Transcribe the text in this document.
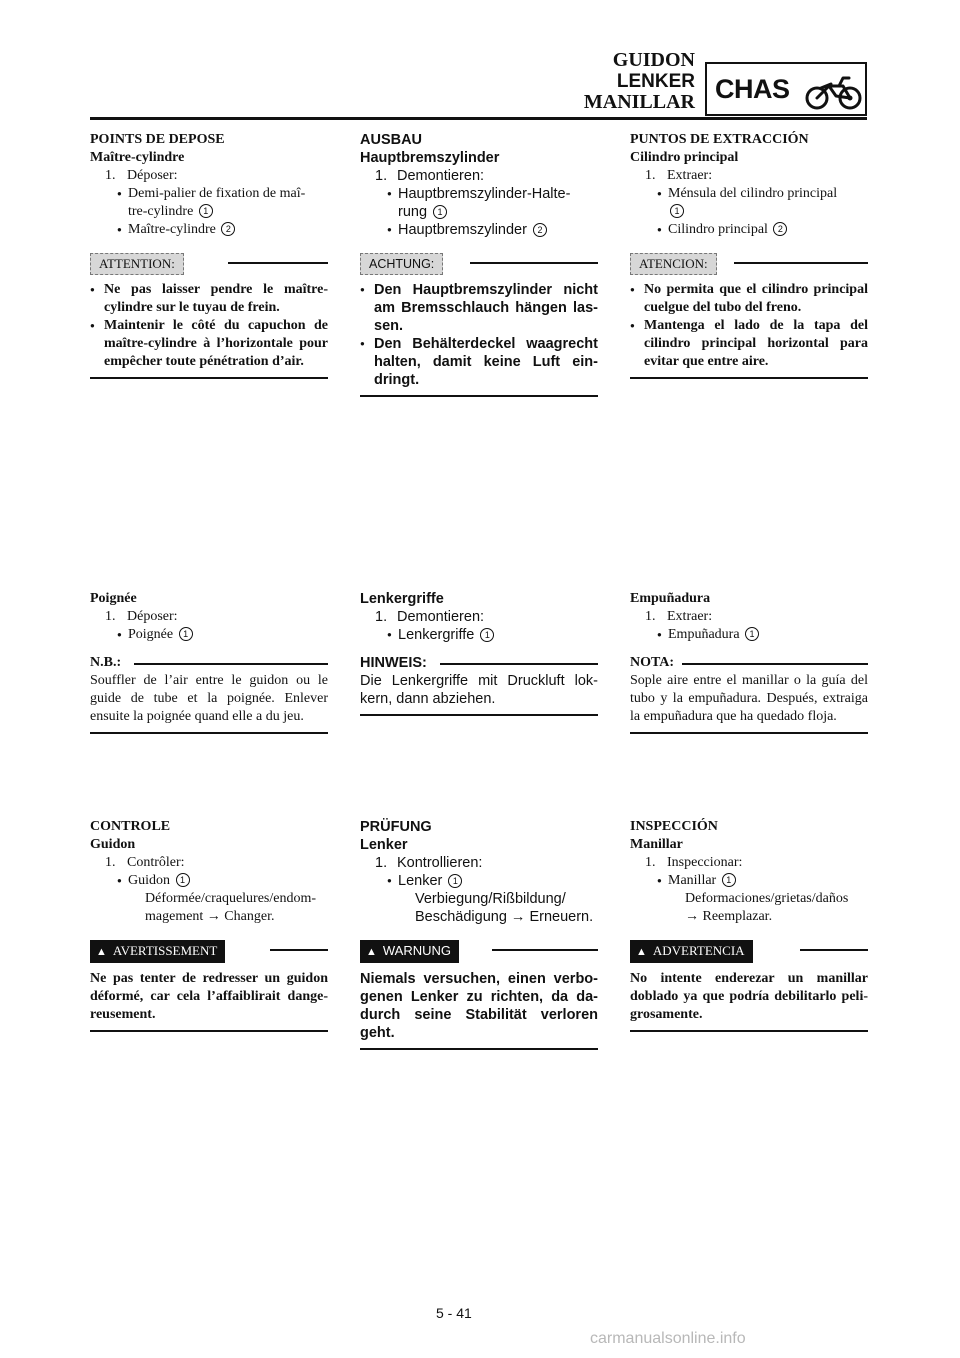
GUIDON
LENKER
MANILLAR CHAS
POINTS DE DEPOSE
Maître-cylindre
1. Déposer:
● Demi-palier de fixation de maî-
tre-cylindre 1
● Maître-cylindre 2
ATTENTION:
● Ne pas laisser pendre le maître-cylindre sur le tuyau de frein.
● Maintenir le côté du capuchon de maître-cylindre à l’horizontale pour empêcher toute pénétration d’air.
Poignée
1. Déposer:
● Poignée 1
N.B.:
Souffler de l’air entre le guidon ou le guide de tube et la poignée. Enlever ensuite la poignée quand elle a du jeu.
CONTROLE
Guidon
1. Contrôler:
● Guidon 1
Déformée/craquelures/endom-
magement → Changer.
▲ AVERTISSEMENT
Ne pas tenter de redresser un guidon déformé, car cela l’affaiblirait dange-reusement.
AUSBAU
Hauptbremszylinder
1. Demontieren:
● Hauptbremszylinder-Halte-
rung 1
● Hauptbremszylinder 2
ACHTUNG:
● Den Hauptbremszylinder nicht am Bremsschlauch hängen las-sen.
● Den Behälterdeckel waagrecht halten, damit keine Luft ein-dringt.
Lenkergriffe
1. Demontieren:
● Lenkergriffe 1
HINWEIS:
Die Lenkergriffe mit Druckluft lok-kern, dann abziehen.
PRÜFUNG
Lenker
1. Kontrollieren:
● Lenker 1
Verbiegung/Rißbildung/
Beschädigung → Erneuern.
▲ WARNUNG
Niemals versuchen, einen verbo-genen Lenker zu richten, da da-durch seine Stabilität verloren geht.
PUNTOS DE EXTRACCIÓN
Cilindro principal
1. Extraer:
● Ménsula del cilindro principal
1
● Cilindro principal 2
ATENCION:
● No permita que el cilindro principal cuelgue del tubo del freno.
● Mantenga el lado de la tapa del cilindro principal horizontal para evitar que entre aire.
Empuñadura
1. Extraer:
● Empuñadura 1
NOTA:
Sople aire entre el manillar o la guía del tubo y la empuñadura. Después, extraiga la empuñadura que ha quedado floja.
INSPECCIÓN
Manillar
1. Inspeccionar:
● Manillar 1
Deformaciones/grietas/daños
→ Reemplazar.
▲ ADVERTENCIA
No intente enderezar un manillar doblado ya que podría debilitarlo peli-grosamente.
5 - 41
carmanualsonline.info
